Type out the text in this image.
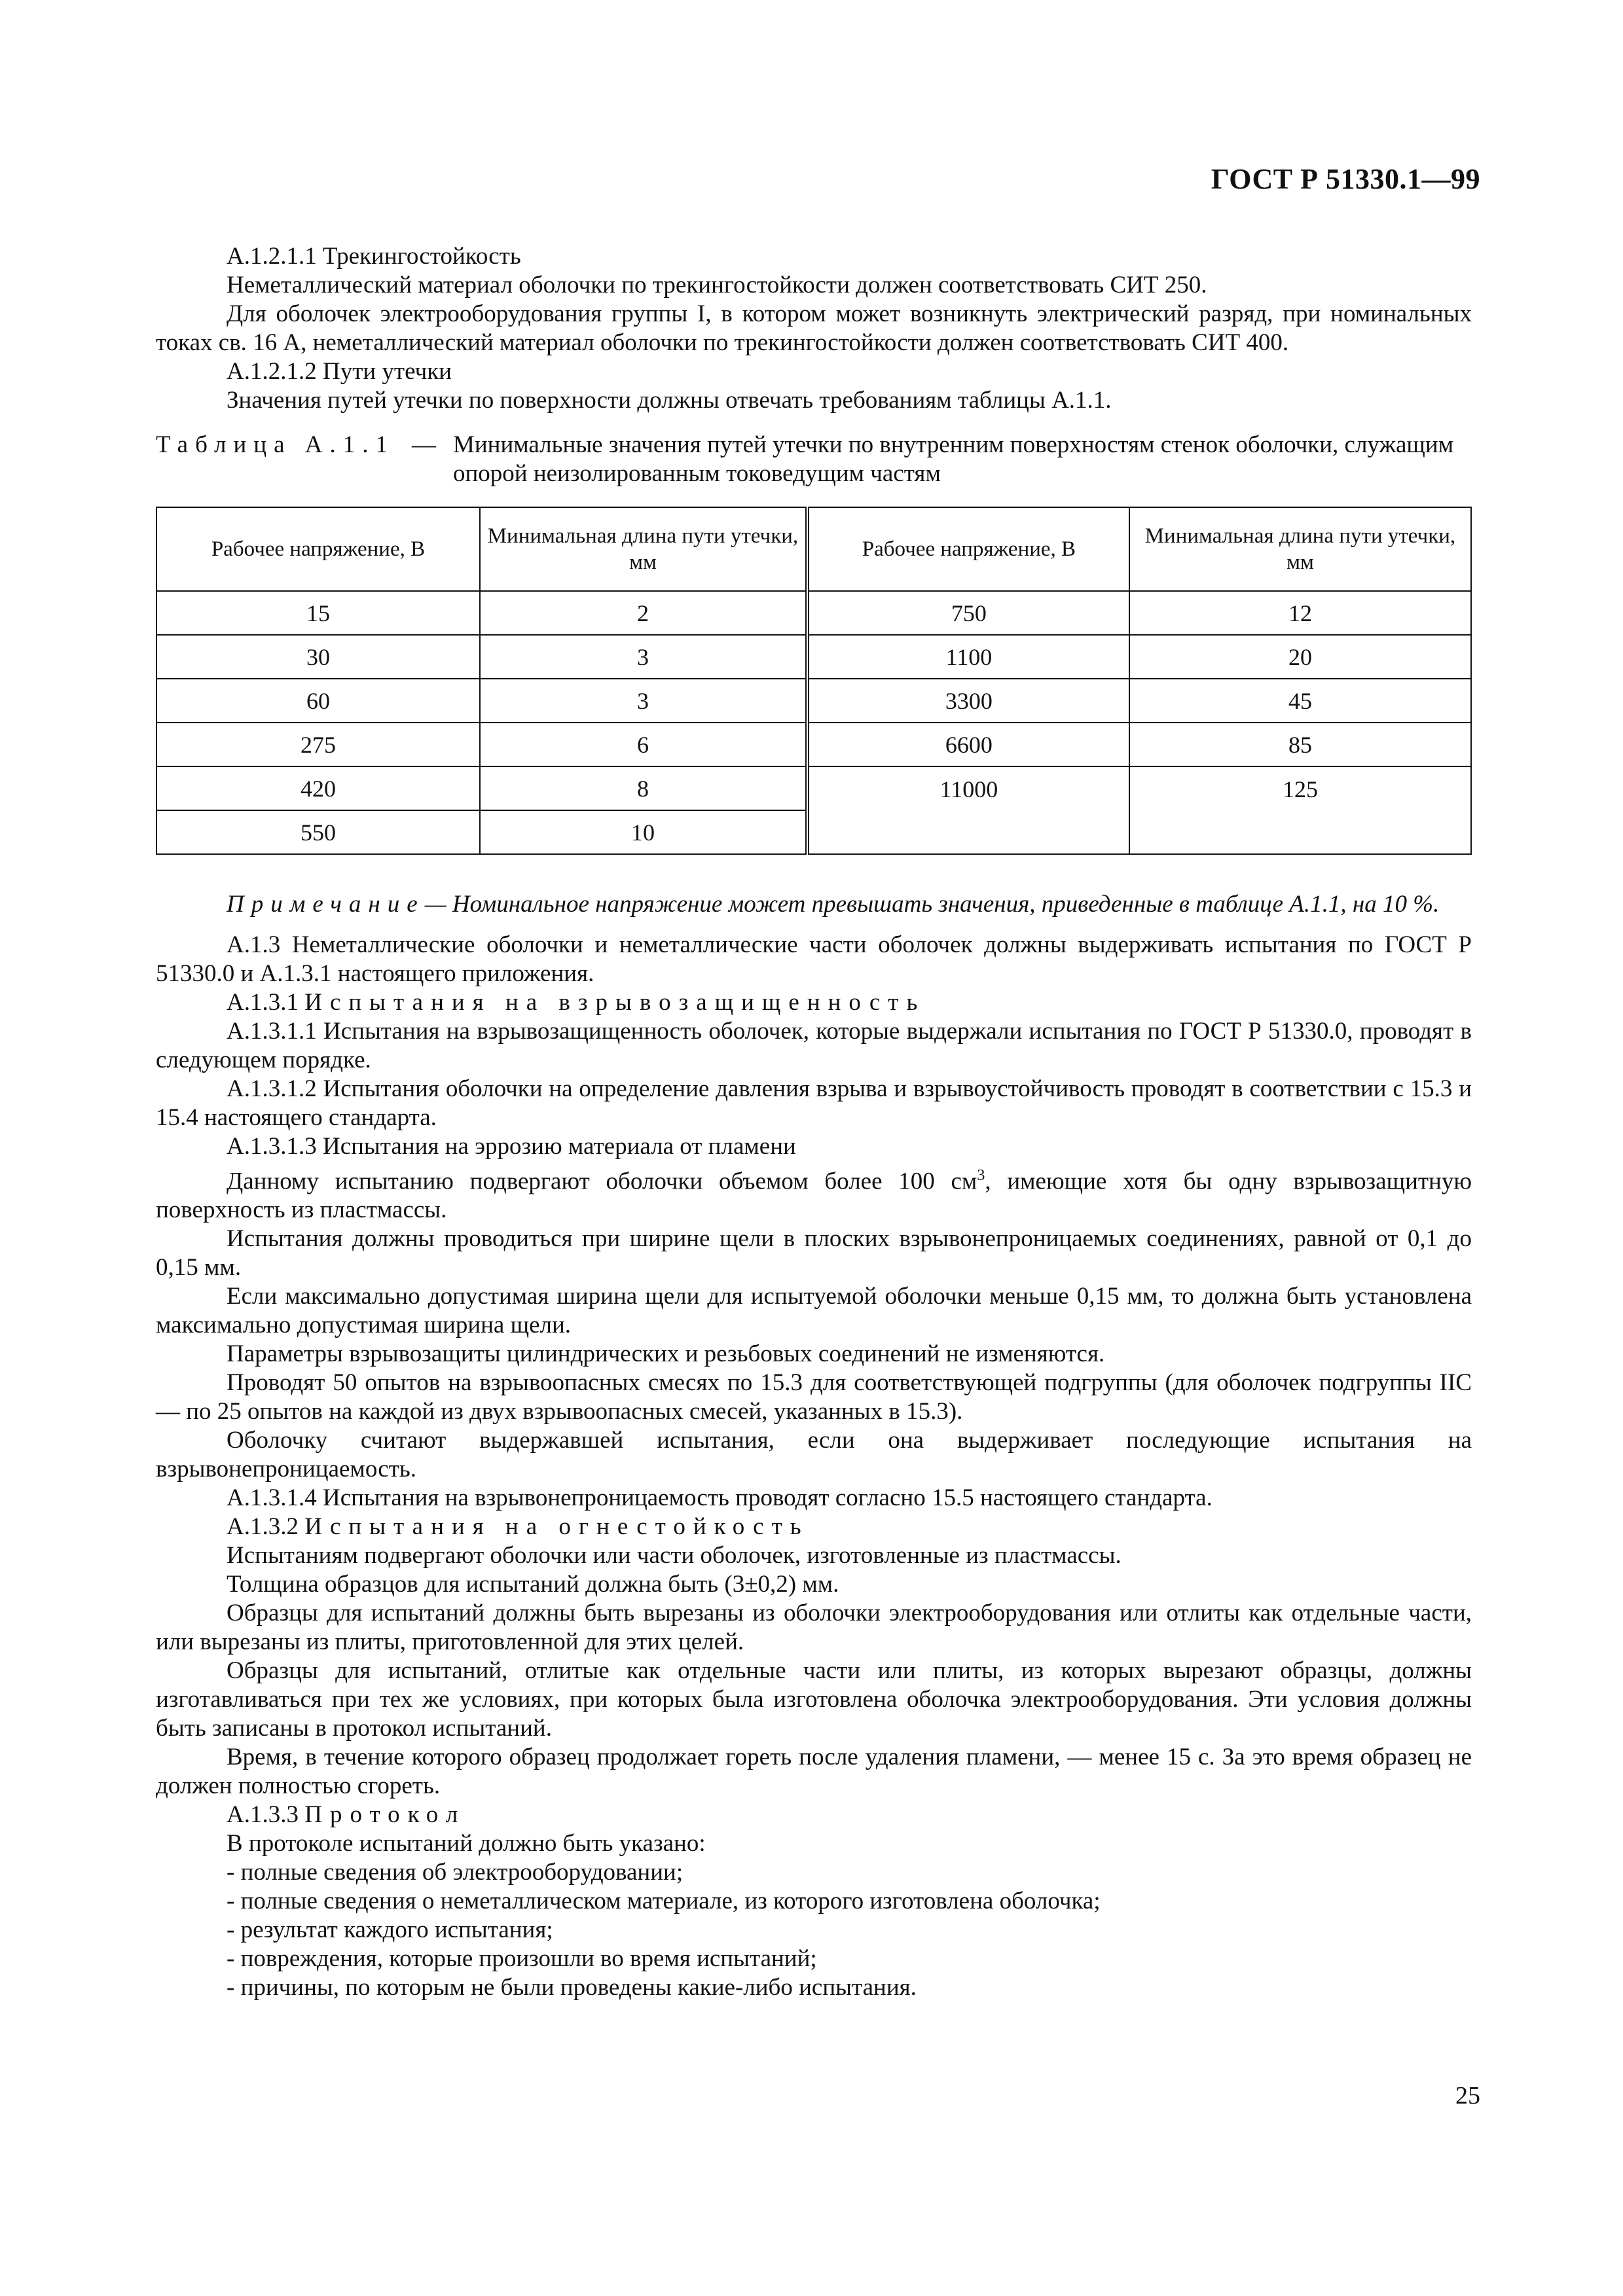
ГОСТ Р 51330.1—99

А.1.2.1.1 Трекингостойкость

Неметаллический материал оболочки по трекингостойкости должен соответствовать СИТ 250.

Для оболочек электрооборудования группы I, в котором может возникнуть электрический разряд, при номинальных токах св. 16 А, неметаллический материал оболочки по трекингостойкости должен соответствовать СИТ 400.

А.1.2.1.2 Пути утечки

Значения путей утечки по поверхности должны отвечать требованиям таблицы А.1.1.

Таблица А.1.1 — Минимальные значения путей утечки по внутренним поверхностям стенок оболочки, служащим опорой неизолированным токоведущим частям
Рабочее напряжение, В	Минимальная длина пути утечки, мм	Рабочее напряжение, В	Минимальная длина пути утечки, мм
15	2	750	12
30	3	1100	20
60	3	3300	45
275	6	6600	85
420	8	11000	125
550	10		

Примечание— Номинальное напряжение может превышать значения, приведенные в таблице А.1.1, на 10 %.

А.1.3 Неметаллические оболочки и неметаллические части оболочек должны выдерживать испытания по ГОСТ Р 51330.0 и А.1.3.1 настоящего приложения.

А.1.3.1 Испытания на взрывозащищенность

А.1.3.1.1 Испытания на взрывозащищенность оболочек, которые выдержали испытания по ГОСТ Р 51330.0, проводят в следующем порядке.

А.1.3.1.2 Испытания оболочки на определение давления взрыва и взрывоустойчивость проводят в соответствии с 15.3 и 15.4 настоящего стандарта.

А.1.3.1.3 Испытания на эррозию материала от пламени

Данному испытанию подвергают оболочки объемом более 100 $см^3$, имеющие хотя бы одну взрывозащитную поверхность из пластмассы.

Испытания должны проводиться при ширине щели в плоских взрывонепроницаемых соединениях, равной от 0,1 до 0,15 мм.

Если максимально допустимая ширина щели для испытуемой оболочки меньше 0,15 мм, то должна быть установлена максимально допустимая ширина щели.

Параметры взрывозащиты цилиндрических и резьбовых соединений не изменяются.

Проводят 50 опытов на взрывоопасных смесях по 15.3 для соответствующей подгруппы (для оболочек подгруппы IIC — по 25 опытов на каждой из двух взрывоопасных смесей, указанных в 15.3).

Оболочку считают выдержавшей испытания, если она выдерживает последующие испытания на взрывонепроницаемость.

А.1.3.1.4 Испытания на взрывонепроницаемость проводят согласно 15.5 настоящего стандарта.

А.1.3.2 Испытания на огнестойкость

Испытаниям подвергают оболочки или части оболочек, изготовленные из пластмассы.

Толщина образцов для испытаний должна быть (3±0,2) мм.

Образцы для испытаний должны быть вырезаны из оболочки электрооборудования или отлиты как отдельные части, или вырезаны из плиты, приготовленной для этих целей.

Образцы для испытаний, отлитые как отдельные части или плиты, из которых вырезают образцы, должны изготавливаться при тех же условиях, при которых была изготовлена оболочка электрооборудования. Эти условия должны быть записаны в протокол испытаний.

Время, в течение которого образец продолжает гореть после удаления пламени, — менее 15 с. За это время образец не должен полностью сгореть.

А.1.3.3 Протокол

В протоколе испытаний должно быть указано:

- полные сведения об электрооборудовании;

- полные сведения о неметаллическом материале, из которого изготовлена оболочка;

- результат каждого испытания;

- повреждения, которые произошли во время испытаний;

- причины, по которым не были проведены какие-либо испытания.

25
